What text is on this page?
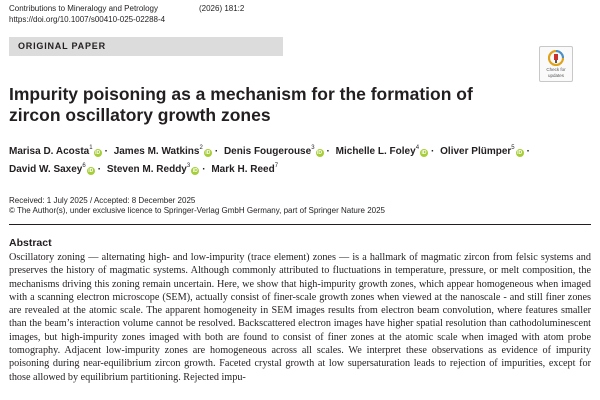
Contributions to Mineralogy and Petrology	(2026) 181:2
https://doi.org/10.1007/s00410-025-02288-4
ORIGINAL PAPER
Check for updates
Impurity poisoning as a mechanism for the formation of zircon oscillatory growth zones
Marisa D. Acosta$^1$iD · James M. Watkins$^2$iD · Denis Fougerouse$^3$iD · Michelle L. Foley$^4$iD · Oliver Plümper$^5$iD · David W. Saxey$^6$iD · Steven M. Reddy$^3$iD · Mark H. Reed$^7$
Received: 1 July 2025 / Accepted: 8 December 2025
© The Author(s), under exclusive licence to Springer-Verlag GmbH Germany, part of Springer Nature 2025
Abstract

Oscillatory zoning — alternating high- and low-impurity (trace element) zones — is a hallmark of magmatic zircon from felsic systems and preserves the history of magmatic systems. Although commonly attributed to fluctuations in temperature, pressure, or melt composition, the mechanisms driving this zoning remain uncertain. Here, we show that high-impurity growth zones, which appear homogeneous when imaged with a scanning electron microscope (SEM), actually consist of finer-scale growth zones when viewed at the nanoscale - and still finer zones are revealed at the atomic scale. The apparent homogeneity in SEM images results from electron beam convolution, where features smaller than the beam’s interaction volume cannot be resolved. Backscattered electron images have higher spatial resolution than cathodoluminescent images, but high-impurity zones imaged with both are found to consist of finer zones at the atomic scale when imaged with atom probe tomography. Adjacent low-impurity zones are homogeneous across all scales. We interpret these observations as evidence of impurity poisoning during near-equilibrium zircon growth. Faceted crystal growth at low supersaturation leads to rejection of impurities, except for those allowed by equilibrium partitioning. Rejected impu-
